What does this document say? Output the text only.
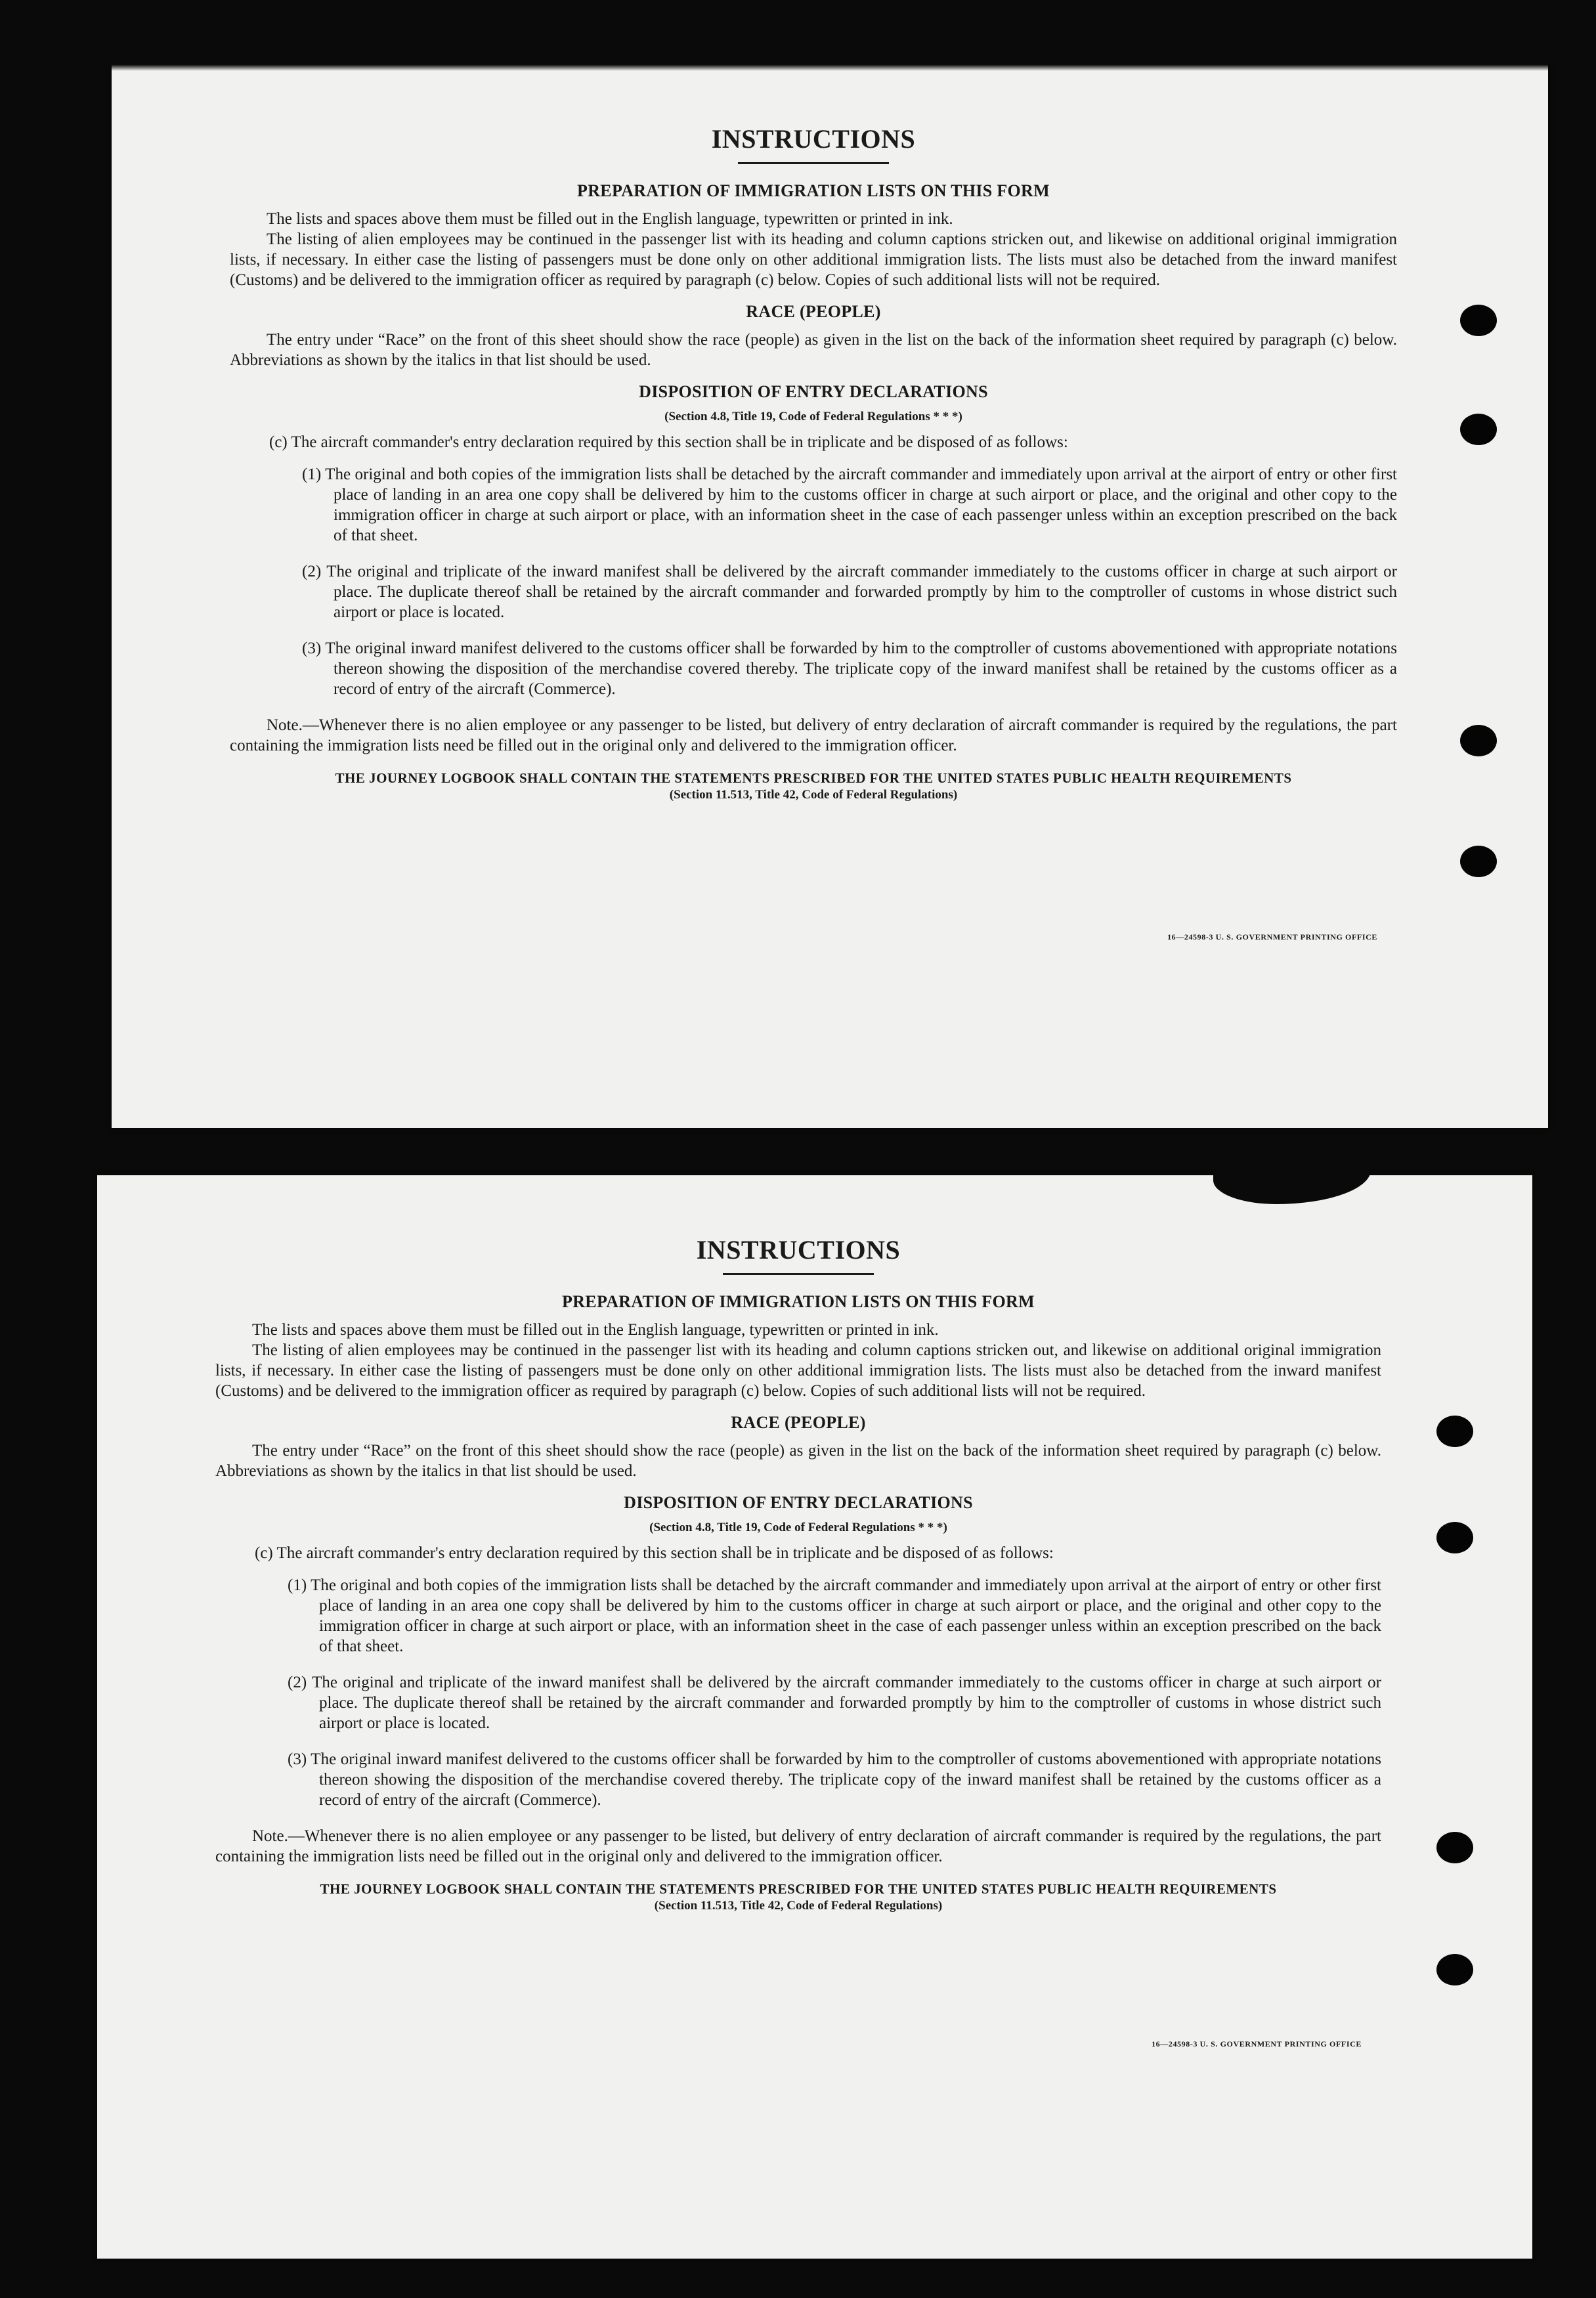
INSTRUCTIONS
PREPARATION OF IMMIGRATION LISTS ON THIS FORM

The lists and spaces above them must be filled out in the English language, typewritten or printed in ink.

The listing of alien employees may be continued in the passenger list with its heading and column captions stricken out, and likewise on additional original immigration lists, if necessary. In either case the listing of passengers must be done only on other additional immigration lists. The lists must also be detached from the inward manifest (Customs) and be delivered to the immigration officer as required by paragraph (c) below. Copies of such additional lists will not be required.

RACE (PEOPLE)

The entry under “Race” on the front of this sheet should show the race (people) as given in the list on the back of the information sheet required by paragraph (c) below. Abbreviations as shown by the italics in that list should be used.

DISPOSITION OF ENTRY DECLARATIONS
(Section 4.8, Title 19, Code of Federal Regulations * * *)

(c) The aircraft commander's entry declaration required by this section shall be in triplicate and be disposed of as follows:

(1) The original and both copies of the immigration lists shall be detached by the aircraft commander and immediately upon arrival at the airport of entry or other first place of landing in an area one copy shall be delivered by him to the customs officer in charge at such airport or place, and the original and other copy to the immigration officer in charge at such airport or place, with an information sheet in the case of each passenger unless within an exception prescribed on the back of that sheet.

(2) The original and triplicate of the inward manifest shall be delivered by the aircraft commander immediately to the customs officer in charge at such airport or place. The duplicate thereof shall be retained by the aircraft commander and forwarded promptly by him to the comptroller of customs in whose district such airport or place is located.

(3) The original inward manifest delivered to the customs officer shall be forwarded by him to the comptroller of customs abovementioned with appropriate notations thereon showing the disposition of the merchandise covered thereby. The triplicate copy of the inward manifest shall be retained by the customs officer as a record of entry of the aircraft (Commerce).

Note.—Whenever there is no alien employee or any passenger to be listed, but delivery of entry declaration of aircraft commander is required by the regulations, the part containing the immigration lists need be filled out in the original only and delivered to the immigration officer.

THE JOURNEY LOGBOOK SHALL CONTAIN THE STATEMENTS PRESCRIBED FOR THE UNITED STATES PUBLIC HEALTH REQUIREMENTS
(Section 11.513, Title 42, Code of Federal Regulations)
16—24598-3 U. S. GOVERNMENT PRINTING OFFICE
INSTRUCTIONS
PREPARATION OF IMMIGRATION LISTS ON THIS FORM

The lists and spaces above them must be filled out in the English language, typewritten or printed in ink.

The listing of alien employees may be continued in the passenger list with its heading and column captions stricken out, and likewise on additional original immigration lists, if necessary. In either case the listing of passengers must be done only on other additional immigration lists. The lists must also be detached from the inward manifest (Customs) and be delivered to the immigration officer as required by paragraph (c) below. Copies of such additional lists will not be required.

RACE (PEOPLE)

The entry under “Race” on the front of this sheet should show the race (people) as given in the list on the back of the information sheet required by paragraph (c) below. Abbreviations as shown by the italics in that list should be used.

DISPOSITION OF ENTRY DECLARATIONS
(Section 4.8, Title 19, Code of Federal Regulations * * *)

(c) The aircraft commander's entry declaration required by this section shall be in triplicate and be disposed of as follows:

(1) The original and both copies of the immigration lists shall be detached by the aircraft commander and immediately upon arrival at the airport of entry or other first place of landing in an area one copy shall be delivered by him to the customs officer in charge at such airport or place, and the original and other copy to the immigration officer in charge at such airport or place, with an information sheet in the case of each passenger unless within an exception prescribed on the back of that sheet.

(2) The original and triplicate of the inward manifest shall be delivered by the aircraft commander immediately to the customs officer in charge at such airport or place. The duplicate thereof shall be retained by the aircraft commander and forwarded promptly by him to the comptroller of customs in whose district such airport or place is located.

(3) The original inward manifest delivered to the customs officer shall be forwarded by him to the comptroller of customs abovementioned with appropriate notations thereon showing the disposition of the merchandise covered thereby. The triplicate copy of the inward manifest shall be retained by the customs officer as a record of entry of the aircraft (Commerce).

Note.—Whenever there is no alien employee or any passenger to be listed, but delivery of entry declaration of aircraft commander is required by the regulations, the part containing the immigration lists need be filled out in the original only and delivered to the immigration officer.

THE JOURNEY LOGBOOK SHALL CONTAIN THE STATEMENTS PRESCRIBED FOR THE UNITED STATES PUBLIC HEALTH REQUIREMENTS
(Section 11.513, Title 42, Code of Federal Regulations)
16—24598-3 U. S. GOVERNMENT PRINTING OFFICE
